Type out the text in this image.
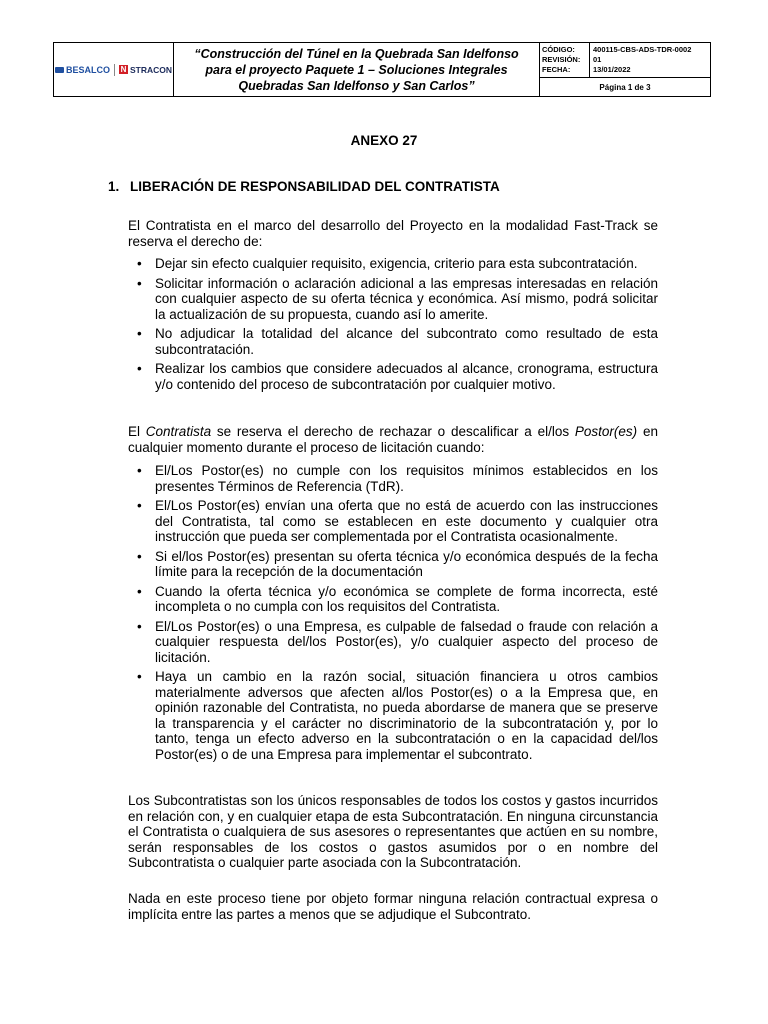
BESALCO N STRACON
“Construcción del Túnel en la Quebrada San Idelfonso para el proyecto Paquete 1 – Soluciones Integrales Quebradas San Idelfonso y San Carlos”
CÓDIGO:
REVISIÓN:
FECHA:
400115-CBS-ADS-TDR-0002
01
13/01/2022
Página 1 de 3
ANEXO 27
1. LIBERACIÓN DE RESPONSABILIDAD DEL CONTRATISTA

El Contratista en el marco del desarrollo del Proyecto en la modalidad Fast-Track se reserva el derecho de:

• Dejar sin efecto cualquier requisito, exigencia, criterio para esta subcontratación.
• Solicitar información o aclaración adicional a las empresas interesadas en relación con cualquier aspecto de su oferta técnica y económica. Así mismo, podrá solicitar la actualización de su propuesta, cuando así lo amerite.
• No adjudicar la totalidad del alcance del subcontrato como resultado de esta subcontratación.
• Realizar los cambios que considere adecuados al alcance, cronograma, estructura y/o contenido del proceso de subcontratación por cualquier motivo.

El Contratista se reserva el derecho de rechazar o descalificar a el/los Postor(es) en cualquier momento durante el proceso de licitación cuando:

• El/Los Postor(es) no cumple con los requisitos mínimos establecidos en los presentes Términos de Referencia (TdR).
• El/Los Postor(es) envían una oferta que no está de acuerdo con las instrucciones del Contratista, tal como se establecen en este documento y cualquier otra instrucción que pueda ser complementada por el Contratista ocasionalmente.
• Si el/los Postor(es) presentan su oferta técnica y/o económica después de la fecha límite para la recepción de la documentación
• Cuando la oferta técnica y/o económica se complete de forma incorrecta, esté incompleta o no cumpla con los requisitos del Contratista.
• El/Los Postor(es) o una Empresa, es culpable de falsedad o fraude con relación a cualquier respuesta del/los Postor(es), y/o cualquier aspecto del proceso de licitación.
• Haya un cambio en la razón social, situación financiera u otros cambios materialmente adversos que afecten al/los Postor(es) o a la Empresa que, en opinión razonable del Contratista, no pueda abordarse de manera que se preserve la transparencia y el carácter no discriminatorio de la subcontratación y, por lo tanto, tenga un efecto adverso en la subcontratación o en la capacidad del/los Postor(es) o de una Empresa para implementar el subcontrato.

Los Subcontratistas son los únicos responsables de todos los costos y gastos incurridos en relación con, y en cualquier etapa de esta Subcontratación. En ninguna circunstancia el Contratista o cualquiera de sus asesores o representantes que actúen en su nombre, serán responsables de los costos o gastos asumidos por o en nombre del Subcontratista o cualquier parte asociada con la Subcontratación.

Nada en este proceso tiene por objeto formar ninguna relación contractual expresa o implícita entre las partes a menos que se adjudique el Subcontrato.
